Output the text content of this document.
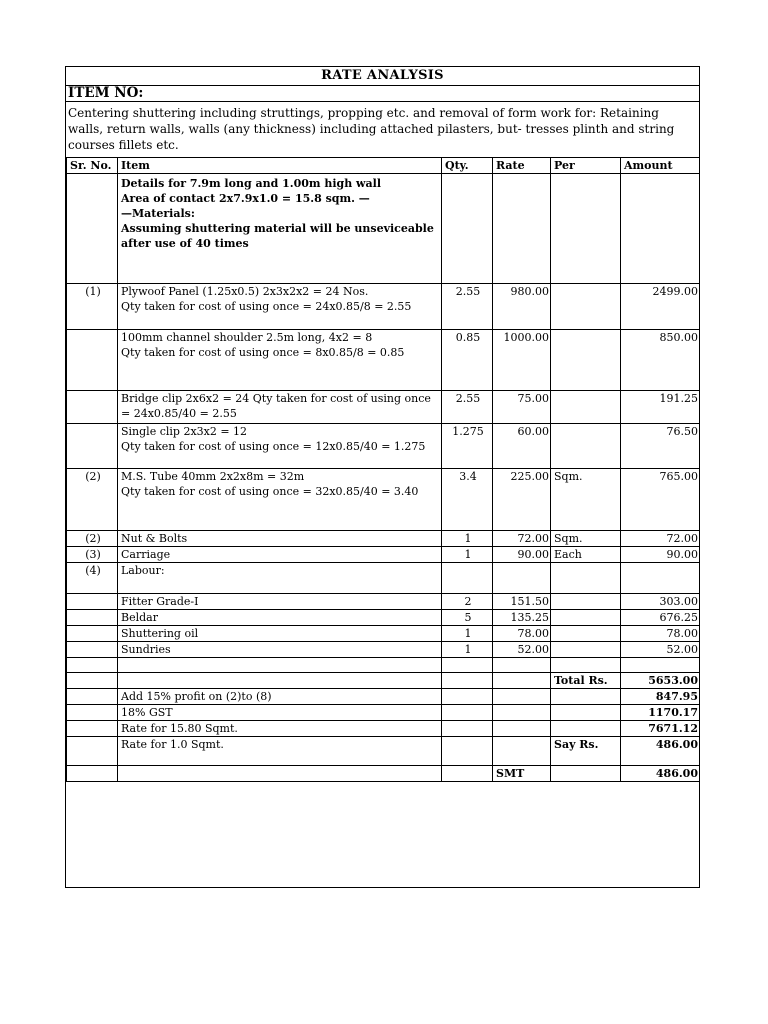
RATE ANALYSIS
ITEM NO:
Centering shuttering including struttings, propping etc. and removal of form work for: Retaining walls, return walls, walls (any thickness) including attached pilasters, but- tresses plinth and string courses fillets etc.
Sr. No.	Item	Qty.	Rate	Per	Amount

	Details for 7.9m long and 1.00m high wall
Area of contact 2x7.9x1.0 = 15.8 sqm. —
—Materials:
Assuming shuttering material will be unseviceable after use of 40 times				

(1)	Plywoof Panel (1.25x0.5) 2x3x2x2 = 24 Nos.
Qty taken for cost of using once = 24x0.85/8 = 2.55	2.55	980.00		2499.00

	100mm channel shoulder 2.5m long, 4x2 = 8
Qty taken for cost of using once = 8x0.85/8 = 0.85	0.85	1000.00		850.00
	Bridge clip 2x6x2 = 24 Qty taken for cost of using once = 24x0.85/40 = 2.55	2.55	75.00		191.25

	Single clip 2x3x2 = 12
Qty taken for cost of using once = 12x0.85/40 = 1.275	1.275	60.00		76.50
(2)	M.S. Tube 40mm 2x2x8m = 32m
Qty taken for cost of using once = 32x0.85/40 = 3.40	3.4	225.00	Sqm.	765.00
(2)	Nut & Bolts	1	72.00	Sqm.	72.00
(3)	Carriage	1	90.00	Each	90.00
(4)	Labour:				
	Fitter Grade-I	2	151.50		303.00
	Beldar	5	135.25		676.25
	Shuttering oil	1	78.00		78.00
	Sundries	1	52.00		52.00

				Total Rs.	5653.00
	Add 15% profit on (2)to (8)				847.95
	18% GST				1170.17
	Rate for 15.80 Sqmt.				7671.12
	Rate for 1.0 Sqmt.			Say Rs.	486.00
			SMT		486.00
